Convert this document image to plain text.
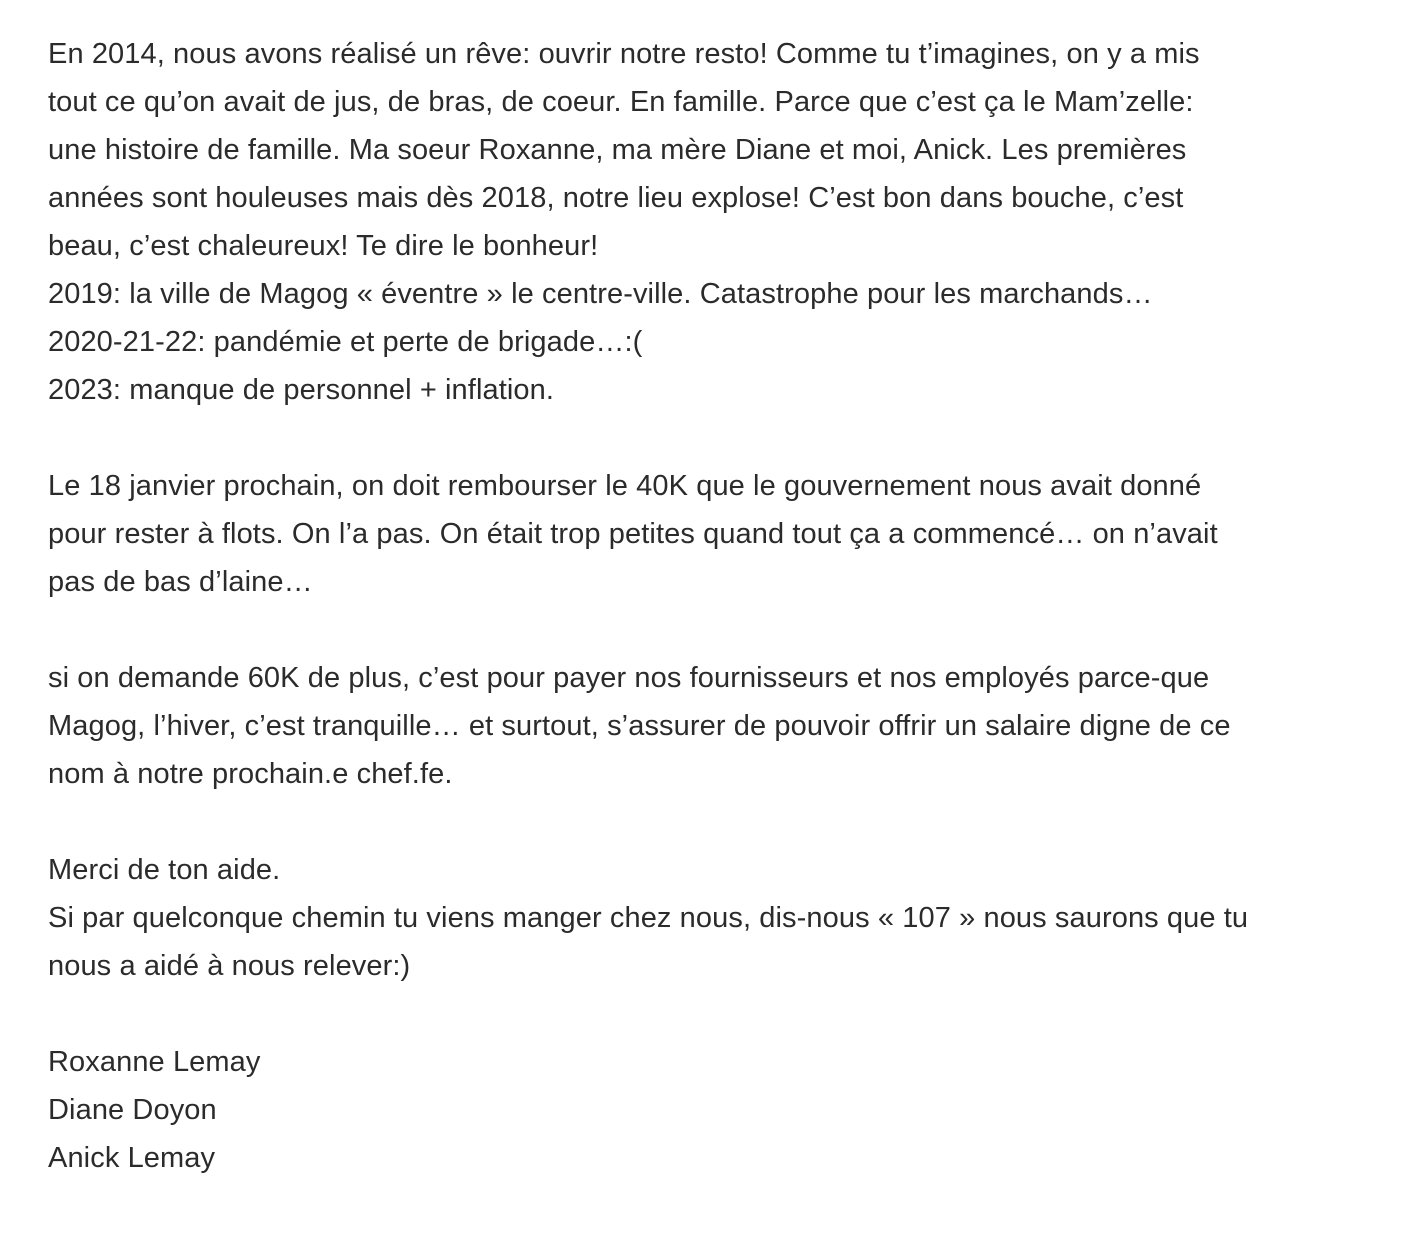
En 2014, nous avons réalisé un rêve: ouvrir notre resto! Comme tu t’imagines, on y a mis

tout ce qu’on avait de jus, de bras, de coeur. En famille. Parce que c’est ça le Mam’zelle:

une histoire de famille. Ma soeur Roxanne, ma mère Diane et moi, Anick. Les premières

années sont houleuses mais dès 2018, notre lieu explose! C’est bon dans bouche, c’est

beau, c’est chaleureux! Te dire le bonheur!

2019: la ville de Magog « éventre » le centre-ville. Catastrophe pour les marchands…

2020-21-22: pandémie et perte de brigade…:(

2023: manque de personnel + inflation.

Le 18 janvier prochain, on doit rembourser le 40K que le gouvernement nous avait donné

pour rester à flots. On l’a pas. On était trop petites quand tout ça a commencé… on n’avait

pas de bas d’laine…

si on demande 60K de plus, c’est pour payer nos fournisseurs et nos employés parce-que

Magog, l’hiver, c’est tranquille… et surtout, s’assurer de pouvoir offrir un salaire digne de ce

nom à notre prochain.e chef.fe.

Merci de ton aide.

Si par quelconque chemin tu viens manger chez nous, dis-nous « 107 » nous saurons que tu

nous a aidé à nous relever:)

Roxanne Lemay

Diane Doyon

Anick Lemay
